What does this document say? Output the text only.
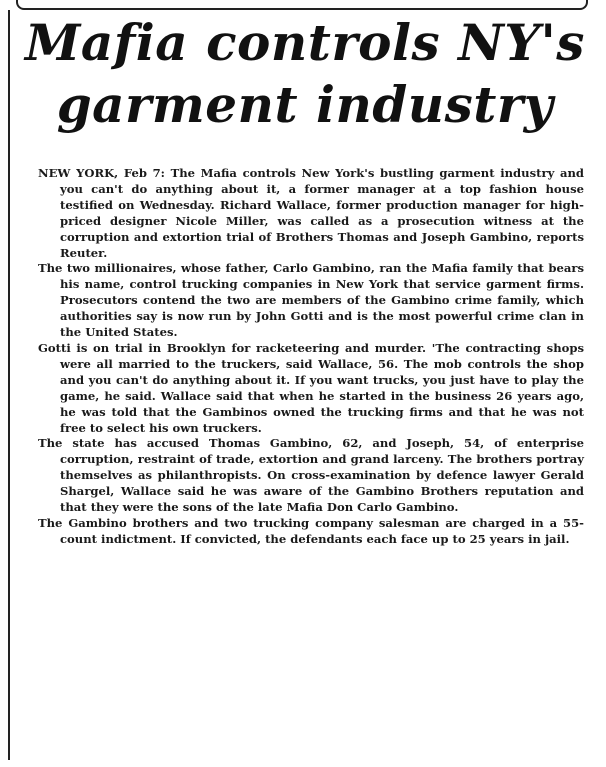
Mafia controls NY's
garment industry

NEW YORK, Feb 7: The Mafia controls New York's bustling garment industry and you can't do anything about it, a former manager at a top fashion house testified on Wednesday. Richard Wallace, former production manager for high-priced designer Nicole Miller, was called as a prosecution witness at the corruption and extortion trial of Brothers Thomas and Joseph Gambino, reports Reuter.

The two millionaires, whose father, Carlo Gambino, ran the Mafia family that bears his name, control trucking companies in New York that service garment firms. Prosecutors contend the two are members of the Gambino crime family, which authorities say is now run by John Gotti and is the most powerful crime clan in the United States.

Gotti is on trial in Brooklyn for racketeering and murder. 'The contracting shops were all married to the truckers, said Wallace, 56. The mob controls the shop and you can't do anything about it. If you want trucks, you just have to play the game, he said. Wallace said that when he started in the business 26 years ago, he was told that the Gambinos owned the trucking firms and that he was not free to select his own truckers.

The state has accused Thomas Gambino, 62, and Joseph, 54, of enterprise corruption, restraint of trade, extortion and grand larceny. The brothers portray themselves as philanthropists. On cross-examination by defence lawyer Gerald Shargel, Wallace said he was aware of the Gambino Brothers reputation and that they were the sons of the late Mafia Don Carlo Gambino.

The Gambino brothers and two trucking company salesman are charged in a 55-count indictment. If convicted, the defendants each face up to 25 years in jail.
